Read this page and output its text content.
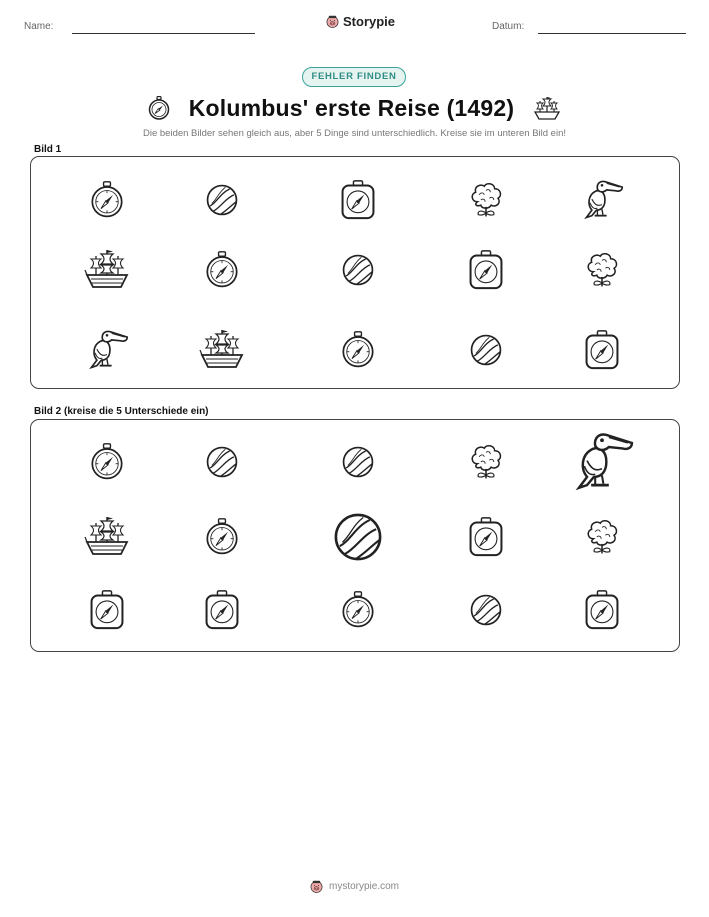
Name:	Storypie	Datum:
FEHLER FINDEN
Kolumbus' erste Reise (1492)
Die beiden Bilder sehen gleich aus, aber 5 Dinge sind unterschiedlich. Kreise sie im unteren Bild ein!
Bild 1
Bild 2 (kreise die 5 Unterschiede ein)
mystorypie.com
